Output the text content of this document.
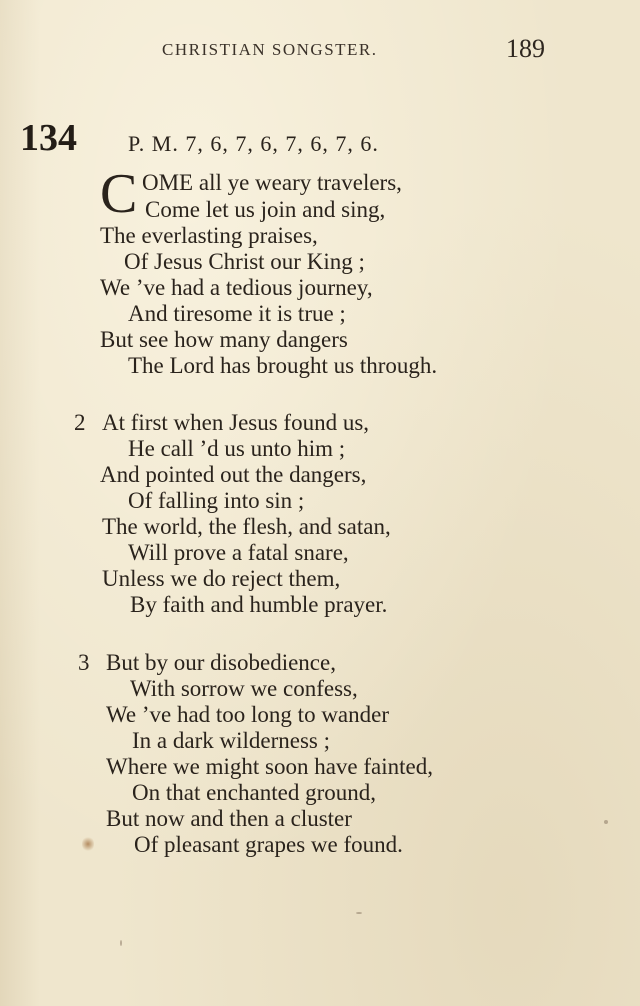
CHRISTIAN SONGSTER.	189
134 P. M. 7, 6, 7, 6, 7, 6, 7, 6.
C OME all ye weary travelers,
Come let us join and sing,
The everlasting praises,
Of Jesus Christ our King ;
We ’ve had a tedious journey,
And tiresome it is true ;
But see how many dangers
The Lord has brought us through.
2 At first when Jesus found us,
He call ’d us unto him ;
And pointed out the dangers,
Of falling into sin ;
The world, the flesh, and satan,
Will prove a fatal snare,
Unless we do reject them,
By faith and humble prayer.
3 But by our disobedience,
With sorrow we confess,
We ’ve had too long to wander
In a dark wilderness ;
Where we might soon have fainted,
On that enchanted ground,
But now and then a cluster
Of pleasant grapes we found.
